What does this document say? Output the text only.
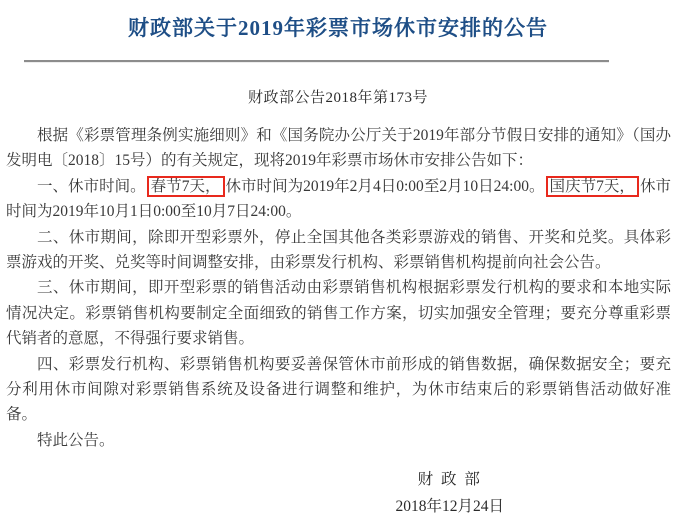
财政部关于2019年彩票市场休市安排的公告
财政部公告2018年第173号

根据《彩票管理条例实施细则》和《国务院办公厅关于2019年部分节假日安排的通知》（国办发明电〔2018〕15号）的有关规定，现将2019年彩票市场休市安排公告如下：

一、休市时间。 春节7天， 休市时间为2019年2月4日0:00至2月10日24:00。 国庆节7天， 休市时间为2019年10月1日0:00至10月7日24:00。

二、休市期间，除即开型彩票外，停止全国其他各类彩票游戏的销售、开奖和兑奖。具体彩票游戏的开奖、兑奖等时间调整安排，由彩票发行机构、彩票销售机构提前向社会公告。

三、休市期间，即开型彩票的销售活动由彩票销售机构根据彩票发行机构的要求和本地实际情况决定。彩票销售机构要制定全面细致的销售工作方案，切实加强安全管理；要充分尊重彩票代销者的意愿，不得强行要求销售。

四、彩票发行机构、彩票销售机构要妥善保管休市前形成的销售数据，确保数据安全；要充分利用休市间隙对彩票销售系统及设备进行调整和维护，为休市结束后的彩票销售活动做好准备。

特此公告。

财 政 部
2018年12月24日
